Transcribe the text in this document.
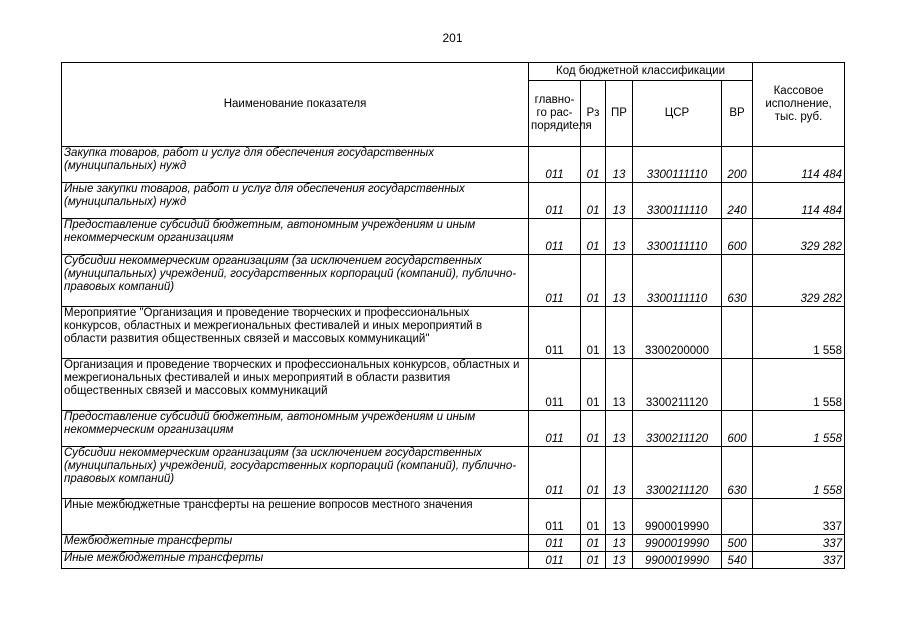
201
Наименование показателя	Код бюджетной классификации					Кассовое исполнение, тыс. руб.
	главно-го рас-порядиteля	Рз	ПР	ЦСР	ВР	
Закупка товаров, работ и услуг для обеспечения государственных (муниципальных) нужд	011	01	13	3300111110	200	114 484
Иные закупки товаров, работ и услуг для обеспечения государственных (муниципальных) нужд	011	01	13	3300111110	240	114 484
Предоставление субсидий бюджетным, автономным учреждениям и иным некоммерческим организациям	011	01	13	3300111110	600	329 282
Субсидии некоммерческим организациям (за исключением государственных (муниципальных) учреждений, государственных корпораций (компаний), публично-правовых компаний)	011	01	13	3300111110	630	329 282
Мероприятие "Организация и проведение творческих и профессиональных конкурсов, областных и межрегиональных фестивалей и иных мероприятий в области развития общественных связей и массовых коммуникаций"	011	01	13	3300200000		1 558
Организация и проведение творческих и профессиональных конкурсов, областных и межрегиональных фестивалей и иных мероприятий в области развития общественных связей и массовых коммуникаций	011	01	13	3300211120		1 558
Предоставление субсидий бюджетным, автономным учреждениям и иным некоммерческим организациям	011	01	13	3300211120	600	1 558
Субсидии некоммерческим организациям (за исключением государственных (муниципальных) учреждений, государственных корпораций (компаний), публично-правовых компаний)	011	01	13	3300211120	630	1 558
Иные межбюджетные трансферты на решение вопросов местного значения	011	01	13	9900019990		337
Межбюджетные трансферты	011	01	13	9900019990	500	337
Иные межбюджетные трансферты	011	01	13	9900019990	540	337
